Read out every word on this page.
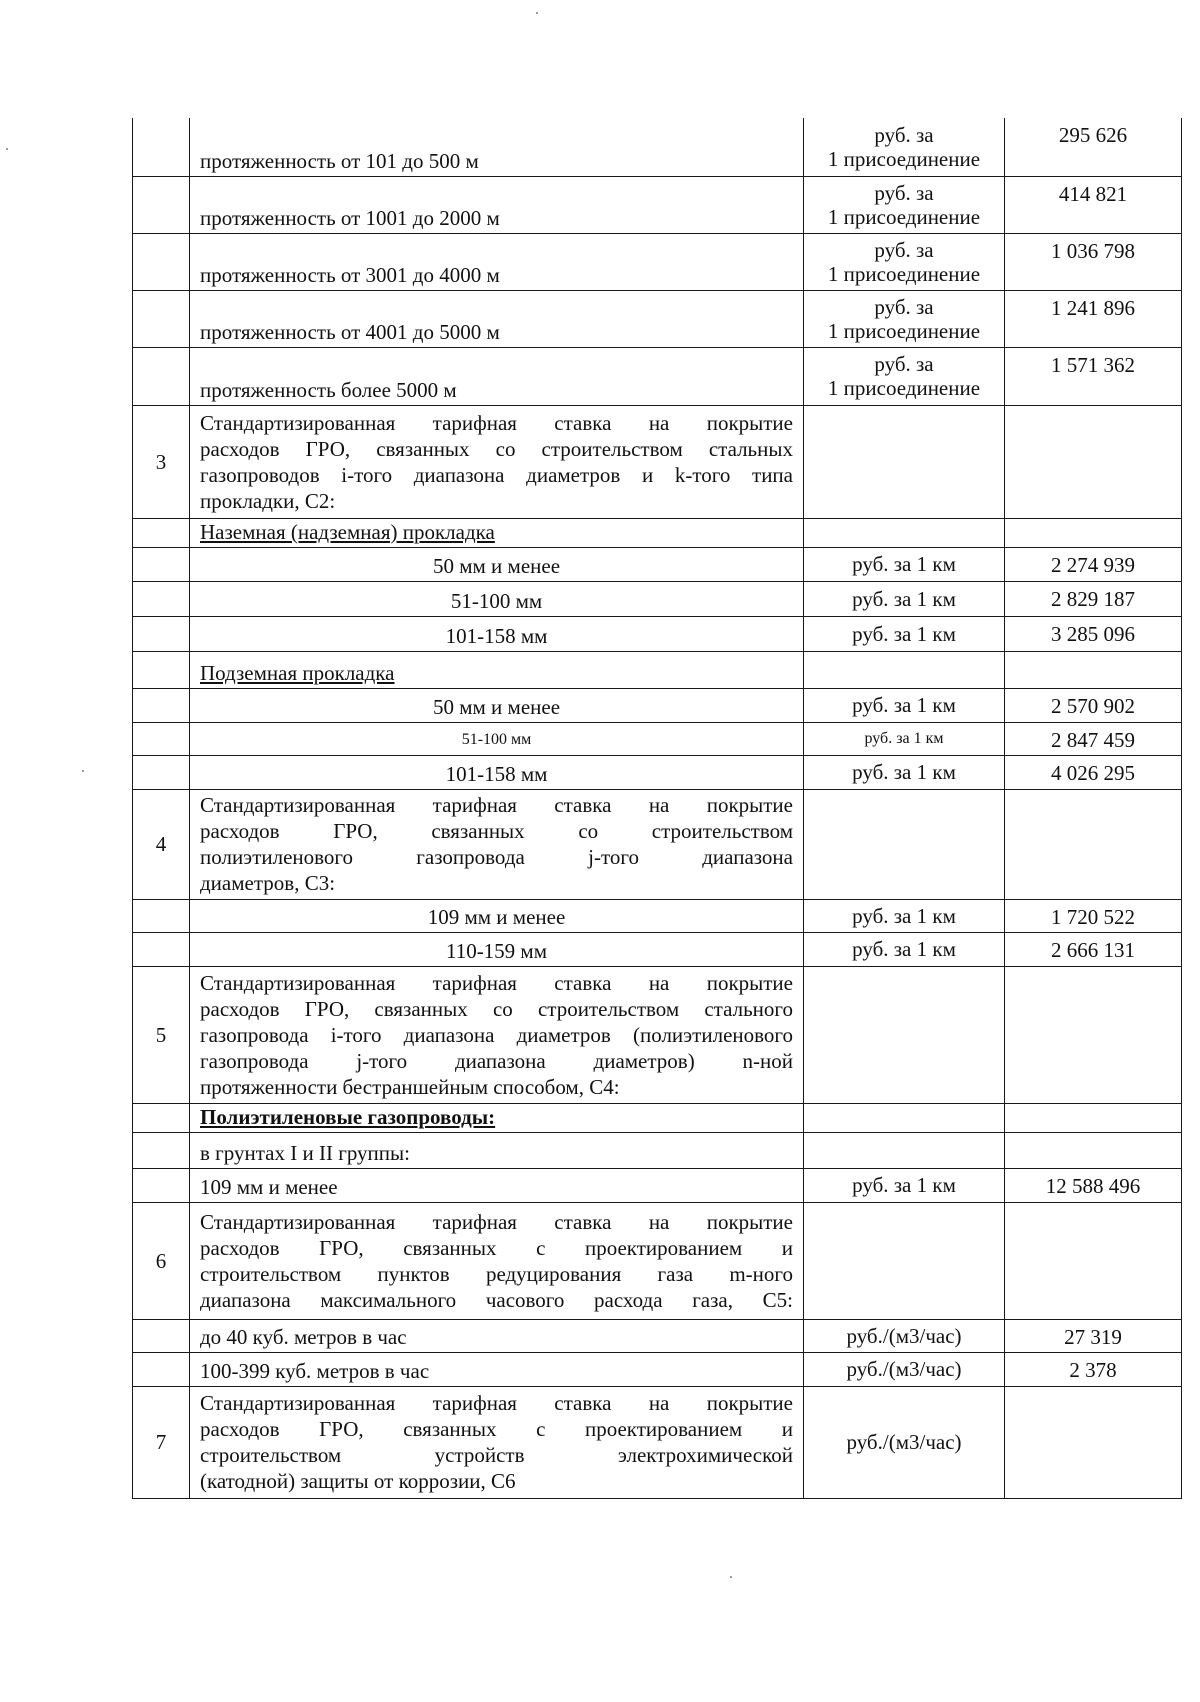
	протяженность от 101 до 500 м	руб. за
1 присоединение	295 626
	протяженность от 1001 до 2000 м	руб. за
1 присоединение	414 821
	протяженность от 3001 до 4000 м	руб. за
1 присоединение	1 036 798
	протяженность от 4001 до 5000 м	руб. за
1 присоединение	1 241 896
	протяженность более 5000 м	руб. за
1 присоединение	1 571 362
3	Стандартизированная тарифная ставка на покрытие
расходов ГРО, связанных со строительством стальных
газопроводов i-того диапазона диаметров и k-того типа
прокладки, С2:		

	Наземная (надземная) прокладка		
	50 мм и менее	руб. за 1 км	2 274 939
	51-100 мм	руб. за 1 км	2 829 187
	101-158 мм	руб. за 1 км	3 285 096
	Подземная прокладка		
	50 мм и менее	руб. за 1 км	2 570 902
	51-100 мм	руб. за 1 км	2 847 459
	101-158 мм	руб. за 1 км	4 026 295
4	Стандартизированная тарифная ставка на покрытие
расходов ГРО, связанных со строительством
полиэтиленового газопровода j-того диапазона
диаметров, С3:		

	109 мм и менее	руб. за 1 км	1 720 522
	110-159 мм	руб. за 1 км	2 666 131
5	Стандартизированная тарифная ставка на покрытие
расходов ГРО, связанных со строительством стального
газопровода i-того диапазона диаметров (полиэтиленового
газопровода j-того диапазона диаметров) n-ной
протяженности бестраншейным способом, С4:		

	Полиэтиленовые газопроводы:		
	в грунтах I и II группы:		
	109 мм и менее	руб. за 1 км	12 588 496
6	Стандартизированная тарифная ставка на покрытие
расходов ГРО, связанных с проектированием и
строительством пунктов редуцирования газа m-ного
диапазона максимального часового расхода газа, С5:		

	до 40 куб. метров в час	руб./(м3/час)	27 319
	100-399 куб. метров в час	руб./(м3/час)	2 378
7	Стандартизированная тарифная ставка на покрытие
расходов ГРО, связанных с проектированием и
строительством устройств электрохимической
(катодной) защиты от коррозии, С6	руб./(м3/час)	
